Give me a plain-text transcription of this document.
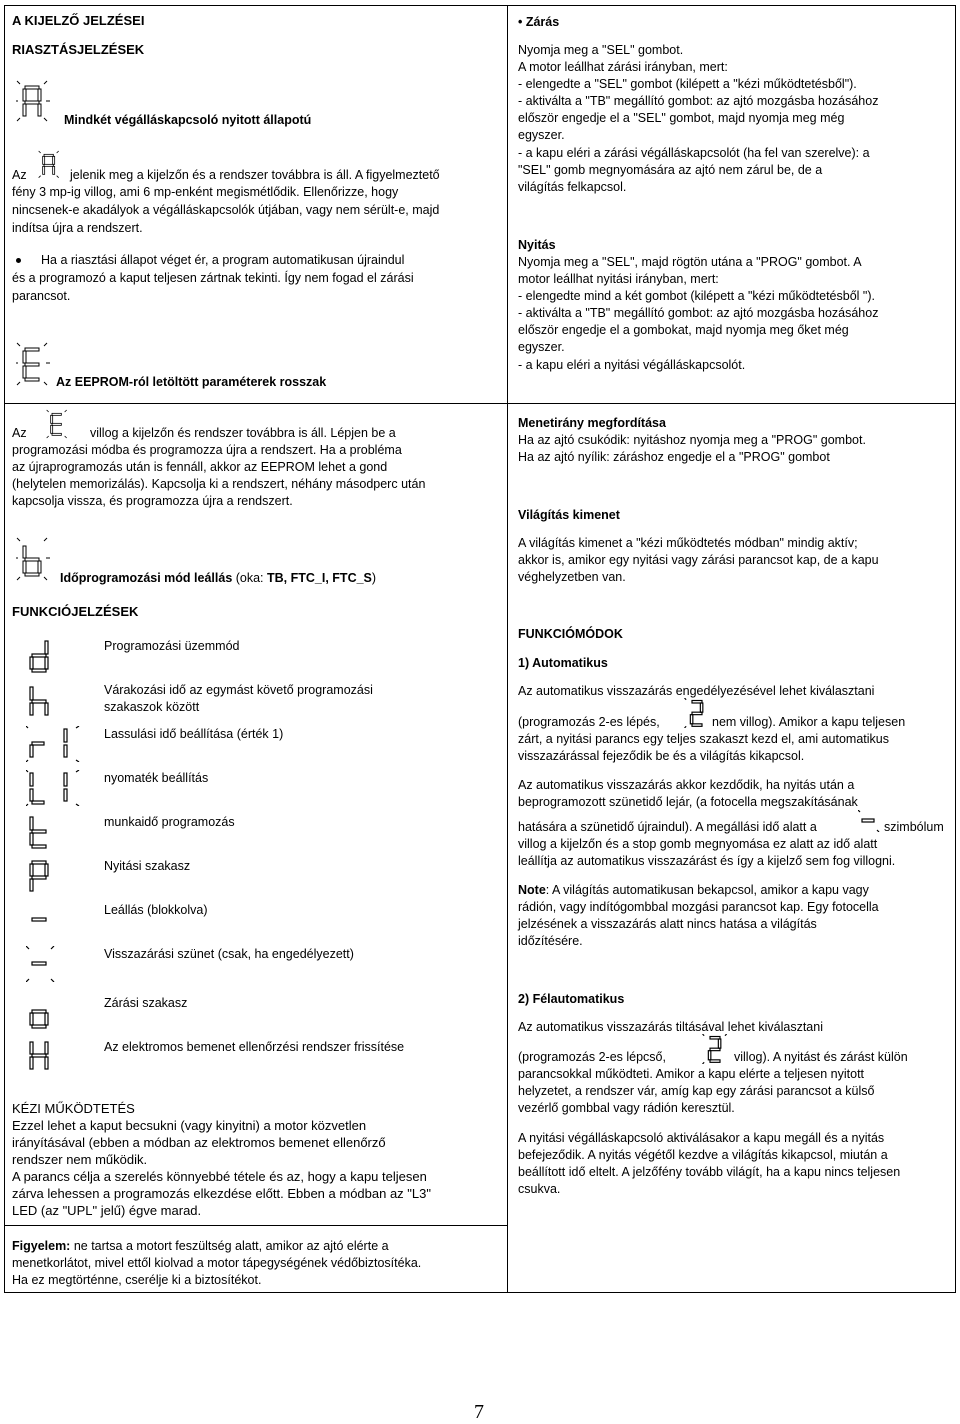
A KIJELZŐ JELZÉSEI
RIASZTÁSJELZÉSEK
Mindkét végálláskapcsoló nyitott állapotú
Az	jelenik meg a kijelzőn és a rendszer továbbra is áll. A figyelmeztető
fény 3 mp-ig villog, ami 6 mp-enként megismétlődik. Ellenőrizze, hogy
nincsenek-e akadályok a végálláskapcsolók útjában, vagy nem sérült-e, majd
indítsa újra a rendszert.
Ha a riasztási állapot véget ér, a program automatikusan újraindul
és a programozó a kaput teljesen zártnak tekinti. Így nem fogad el zárási
parancsot.
Az EEPROM-ról letöltött paraméterek rosszak
Az	villog a kijelzőn és rendszer továbbra is áll. Lépjen be a
programozási módba és programozza újra a rendszert. Ha a probléma
az újraprogramozás után is fennáll, akkor az EEPROM lehet a gond
(helytelen memorizálás). Kapcsolja ki a rendszert, néhány másodperc után
kapcsolja vissza, és programozza újra a rendszert.
Időprogramozási mód leállás (oka: TB, FTC_I, FTC_S)
FUNKCIÓJELZÉSEK
Programozási üzemmód
Várakozási idő az egymást követő programozási
szakaszok között
Lassulási idő beállítása (érték 1)
nyomaték beállítás
munkaidő programozás
Nyitási szakasz
Leállás (blokkolva)
Visszazárási szünet (csak, ha engedélyezett)
Zárási szakasz
Az elektromos bemenet ellenőrzési rendszer frissítése
KÉZI MŰKÖDTETÉS
Ezzel lehet a kaput becsukni (vagy kinyitni) a motor közvetlen
irányításával (ebben a módban az elektromos bemenet ellenőrző
rendszer nem működik.
A parancs célja a szerelés könnyebbé tétele és az, hogy a kapu teljesen
zárva lehessen a programozás elkezdése előtt. Ebben a módban az "L3"
LED (az "UPL" jelű) égve marad.
Figyelem: ne tartsa a motort feszültség alatt, amikor az ajtó elérte a
menetkorlátot, mivel ettől kiolvad a motor tápegységének védőbiztosítéka.
Ha ez megtörténne, cserélje ki a biztosítékot.
• Zárás
Nyomja meg a "SEL" gombot.
A motor leállhat zárási irányban, mert:
- elengedte a "SEL" gombot (kilépett a "kézi működtetésből").
- aktiválta a "TB" megállító gombot: az ajtó mozgásba hozásához
először engedje el a "SEL" gombot, majd nyomja meg még
egyszer.
- a kapu eléri a zárási végálláskapcsolót (ha fel van szerelve): a
"SEL" gomb megnyomására az ajtó nem zárul be, de a
világítás felkapcsol.
Nyitás
Nyomja meg a "SEL", majd rögtön utána a "PROG" gombot. A
motor leállhat nyitási irányban, mert:
- elengedte mind a két gombot (kilépett a "kézi működtetésből ").
- aktiválta a "TB" megállító gombot: az ajtó mozgásba hozásához
először engedje el a gombokat, majd nyomja meg őket még
egyszer.
- a kapu eléri a nyitási végálláskapcsolót.
Menetirány megfordítása
Ha az ajtó csukódik: nyitáshoz nyomja meg a "PROG" gombot.
Ha az ajtó nyílik: záráshoz engedje el a "PROG" gombot
Világítás kimenet
A világítás kimenet a "kézi működtetés módban" mindig aktív;
akkor is, amikor egy nyitási vagy zárási parancsot kap, de a kapu
véghelyzetben van.
FUNKCIÓMÓDOK
1) Automatikus
Az automatikus visszazárás engedélyezésével lehet kiválasztani
(programozás 2-es lépés,	nem villog). Amikor a kapu teljesen
zárt, a nyitási parancs egy teljes szakaszt kezd el, ami automatikus
visszazárással fejeződik be és a világítás kikapcsol.
Az automatikus visszazárás akkor kezdődik, ha nyitás után a
beprogramozott szünetidő lejár, (a fotocella megszakításának
hatására a szünetidő újraindul). A megállási idő alatt a	szimbólum
villog a kijelzőn és a stop gomb megnyomása ez alatt az idő alatt
leállítja az automatikus visszazárást és így a kijelző sem fog villogni.
Note: A világítás automatikusan bekapcsol, amikor a kapu vagy
rádión, vagy indítógombbal mozgási parancsot kap. Egy fotocella
jelzésének a visszazárás alatt nincs hatása a világítás
időzítésére.
2) Félautomatikus
Az automatikus visszazárás tiltásával lehet kiválasztani
(programozás 2-es lépcső,	villog). A nyitást és zárást külön
parancsokkal működteti. Amikor a kapu elérte a teljesen nyitott
helyzetet, a rendszer vár, amíg kap egy zárási parancsot a külső
vezérlő gombbal vagy rádión keresztül.
A nyitási végálláskapcsoló aktiválásakor a kapu megáll és a nyitás
befejeződik. A nyitás végétől kezdve a világítás kikapcsol, miután a
beállított idő eltelt. A jelzőfény tovább világít, ha a kapu nincs teljesen
csukva.
7
